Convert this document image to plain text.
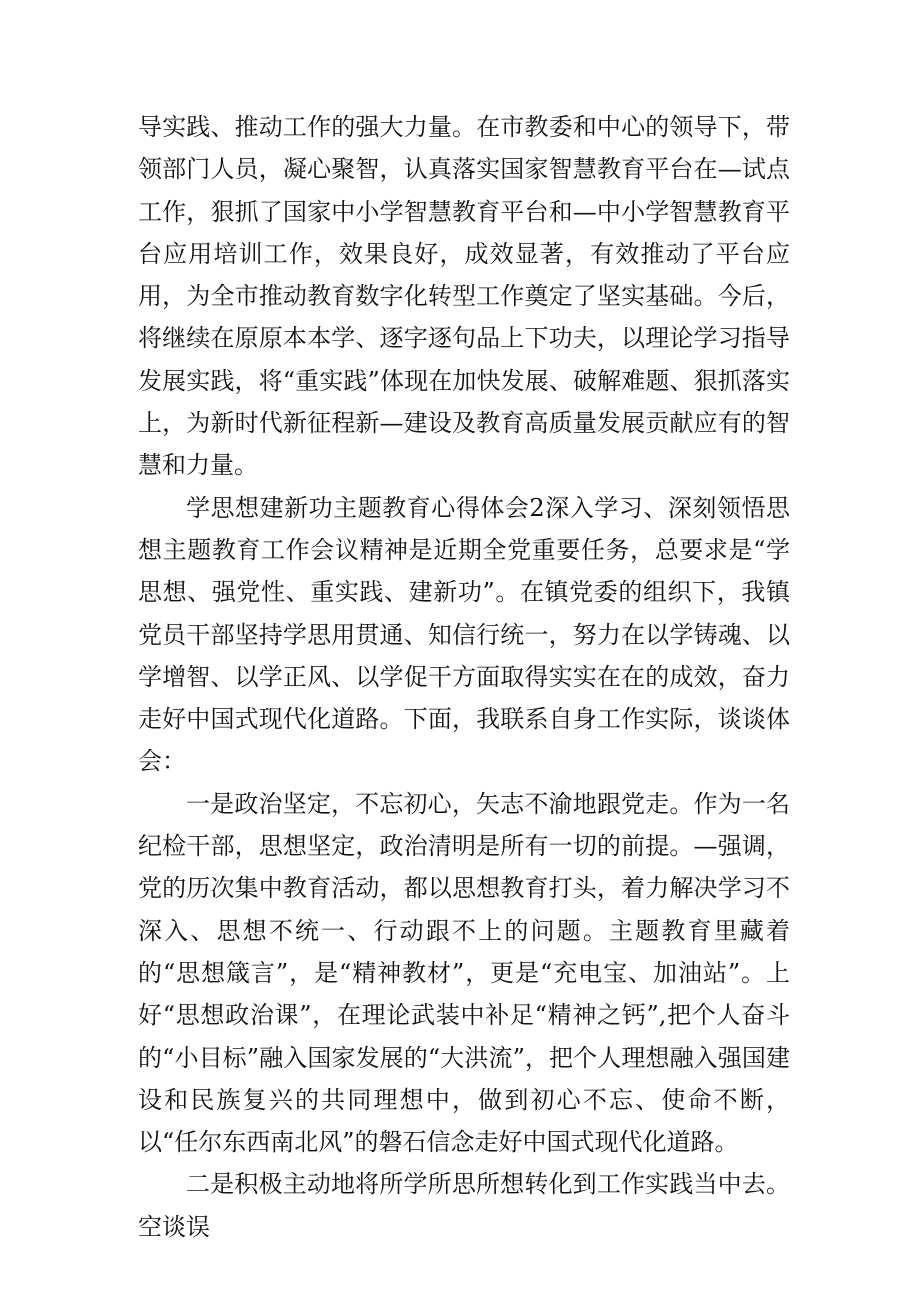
导实践、推动工作的强大力量。在市教委和中心的领导下，带领部门人员，凝心聚智，认真落实国家智慧教育平台在—试点工作，狠抓了国家中小学智慧教育平台和—中小学智慧教育平台应用培训工作，效果良好，成效显著，有效推动了平台应用，为全市推动教育数字化转型工作奠定了坚实基础。今后，将继续在原原本本学、逐字逐句品上下功夫，以理论学习指导发展实践，将“重实践”体现在加快发展、破解难题、狠抓落实上，为新时代新征程新—建设及教育高质量发展贡献应有的智慧和力量。

学思想建新功主题教育心得体会2深入学习、深刻领悟思想主题教育工作会议精神是近期全党重要任务，总要求是“学思想、强党性、重实践、建新功”。在镇党委的组织下，我镇党员干部坚持学思用贯通、知信行统一，努力在以学铸魂、以学增智、以学正风、以学促干方面取得实实在在的成效，奋力走好中国式现代化道路。下面，我联系自身工作实际，谈谈体会：

一是政治坚定，不忘初心，矢志不渝地跟党走。作为一名纪检干部，思想坚定，政治清明是所有一切的前提。—强调，党的历次集中教育活动，都以思想教育打头，着力解决学习不深入、思想不统一、行动跟不上的问题。主题教育里藏着的“思想箴言”，是“精神教材”，更是“充电宝、加油站”。上好“思想政治课”，在理论武装中补足“精神之钙”,把个人奋斗的“小目标”融入国家发展的“大洪流”，把个人理想融入强国建设和民族复兴的共同理想中，做到初心不忘、使命不断，以“任尔东西南北风”的磐石信念走好中国式现代化道路。

二是积极主动地将所学所思所想转化到工作实践当中去。空谈误
